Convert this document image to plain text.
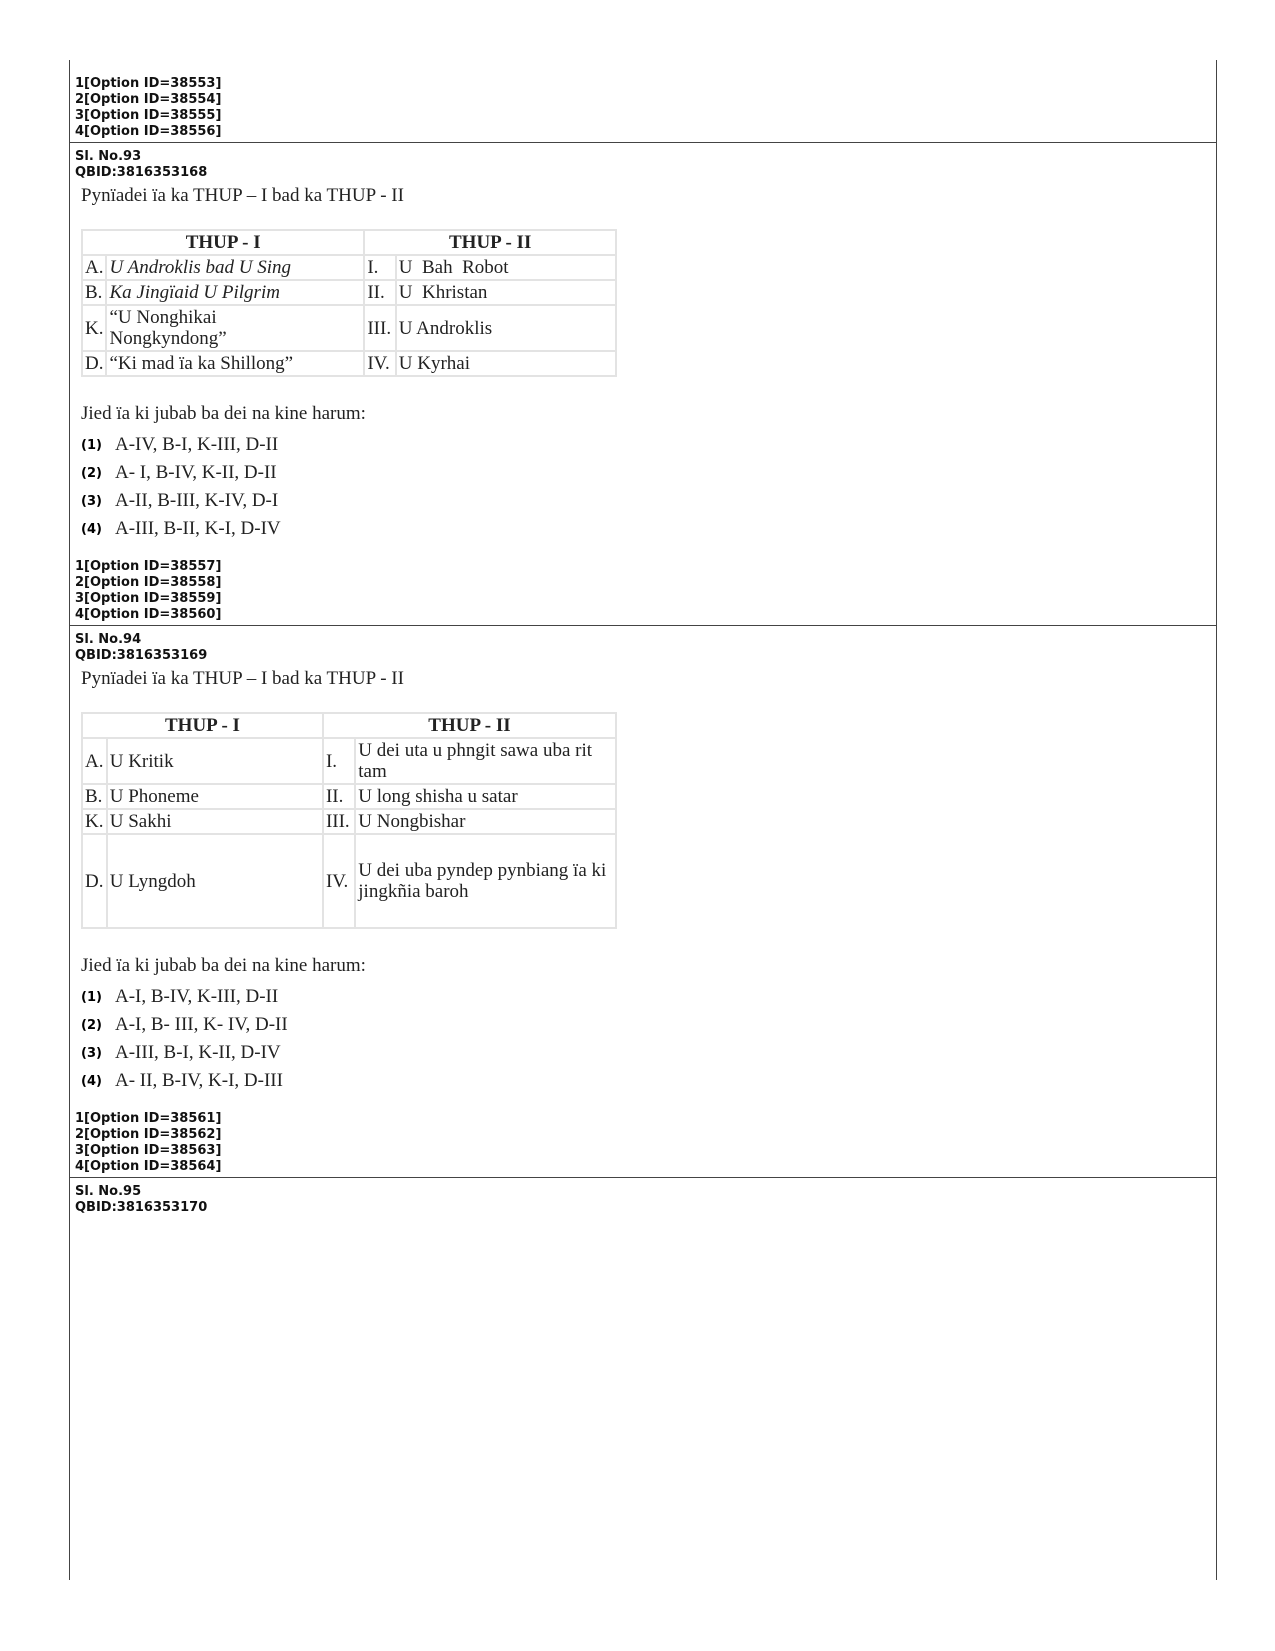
1[Option ID=38553]
2[Option ID=38554]
3[Option ID=38555]
4[Option ID=38556]
Sl. No.93
QBID:3816353168
Pynïadei ïa ka THUP – I bad ka THUP - II
THUP - I		THUP - II	
A.	U Androklis bad U Sing	I.	U  Bah  Robot
B.	Ka Jingïaid U Pilgrim	II.	U  Khristan
K.	“U Nonghikai Nongkyndong”	III.	U Androklis
D.	“Ki mad ïa ka Shillong”	IV.	U Kyrhai
Jied ïa ki jubab ba dei na kine harum:
(1) A-IV, B-I, K-III, D-II
(2) A- I, B-IV, K-II, D-II
(3) A-II, B-III, K-IV, D-I
(4) A-III, B-II, K-I, D-IV
1[Option ID=38557]
2[Option ID=38558]
3[Option ID=38559]
4[Option ID=38560]
Sl. No.94
QBID:3816353169
Pynïadei ïa ka THUP – I bad ka THUP - II
THUP - I		THUP - II	
A.	U Kritik	I.	U dei uta u phngit sawa uba rit tam
B.	U Phoneme	II.	U long shisha u satar
K.	U Sakhi	III.	U Nongbishar
D.	U Lyngdoh	IV.	U dei uba pyndep pynbiang ïa ki jingkñia baroh
Jied ïa ki jubab ba dei na kine harum:
(1) A-I, B-IV, K-III, D-II
(2) A-I, B- III, K- IV, D-II
(3) A-III, B-I, K-II, D-IV
(4) A- II, B-IV, K-I, D-III
1[Option ID=38561]
2[Option ID=38562]
3[Option ID=38563]
4[Option ID=38564]
Sl. No.95
QBID:3816353170
